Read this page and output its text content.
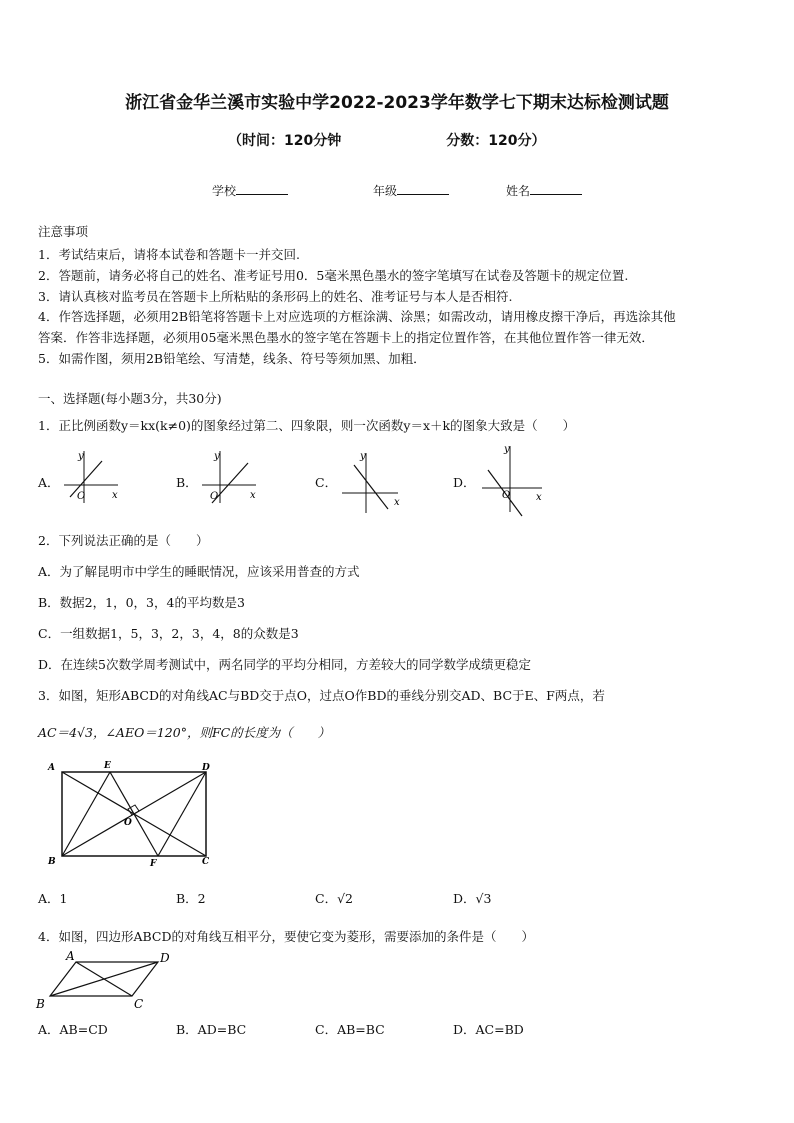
浙江省金华兰溪市实验中学2022-2023学年数学七下期末达标检测试题
（时间：120分钟	分数：120分）
学校	年级	姓名
注意事项
1．考试结束后，请将本试卷和答题卡一并交回.
2．答题前，请务必将自己的姓名、准考证号用0．5毫米黑色墨水的签字笔填写在试卷及答题卡的规定位置.
3．请认真核对监考员在答题卡上所粘贴的条形码上的姓名、准考证号与本人是否相符.
4．作答选择题，必须用2B铅笔将答题卡上对应选项的方框涂满、涂黑；如需改动，请用橡皮擦干净后，再选涂其他
答案．作答非选择题，必须用05毫米黑色墨水的签字笔在答题卡上的指定位置作答，在其他位置作答一律无效．
5．如需作图，须用2B铅笔绘、写清楚，线条、符号等须加黑、加粗．
一、选择题(每小题3分，共30分)
1．正比例函数y＝kx(k≠0)的图象经过第二、四象限，则一次函数y＝x＋k的图象大致是（　　）
A．	B．	C．	D．
y
x
O
y
x
O
y
x
y
x
O
2．下列说法正确的是（　　）
A．为了解昆明市中学生的睡眠情况，应该采用普查的方式
B．数据2，1，0，3，4的平均数是3
C．一组数据1，5，3，2，3，4，8的众数是3
D．在连续5次数学周考测试中，两名同学的平均分相同，方差较大的同学数学成绩更稳定
3．如图，矩形ABCD的对角线AC与BD交于点O，过点O作BD的垂线分别交AD、BC于E、F两点，若
AC＝4√3，∠AEO＝120°，则FC的长度为（　　）
A	E	D
O
B	F	C
A．1	B．2	C．√2	D．√3
4．如图，四边形ABCD的对角线互相平分，要使它变为菱形，需要添加的条件是（　　）
A	D
B	C
A．AB=CD	B．AD=BC	C．AB=BC	D．AC=BD
